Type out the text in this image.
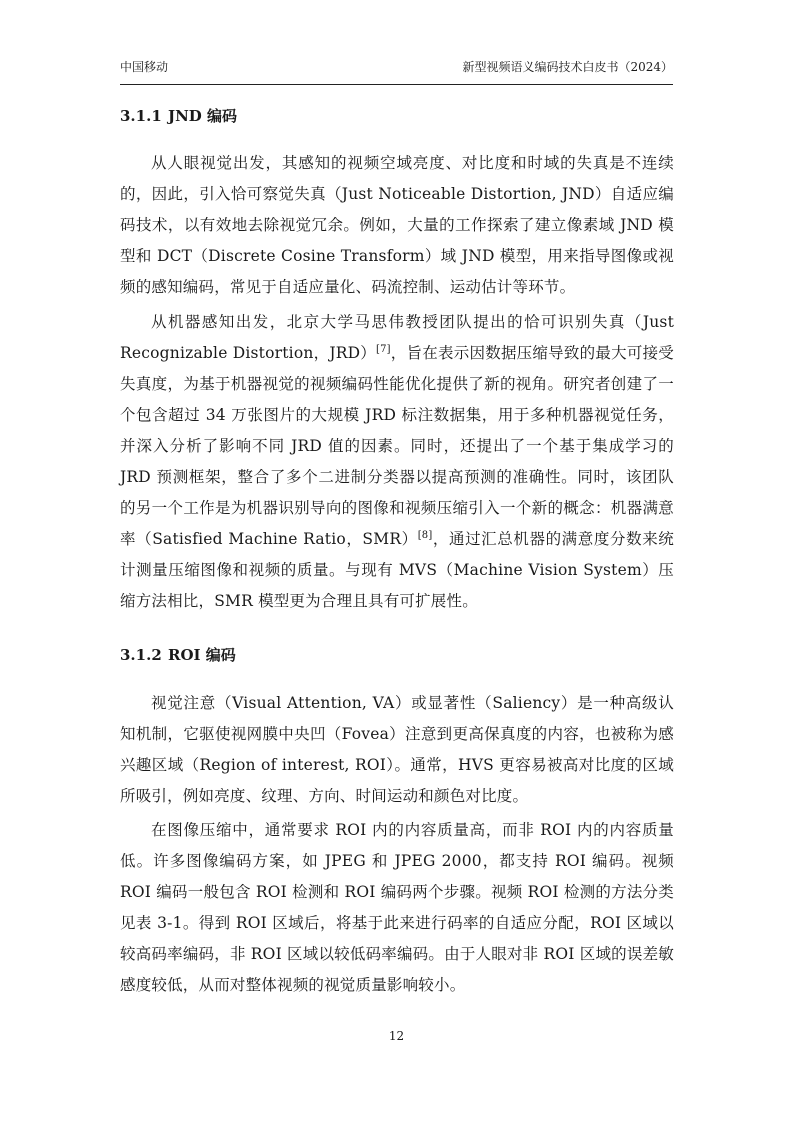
中国移动	新型视频语义编码技术白皮书（2024）
3.1.1 JND 编码

从人眼视觉出发，其感知的视频空域亮度、对比度和时域的失真是不连续的，因此，引入恰可察觉失真（Just Noticeable Distortion, JND）自适应编码技术，以有效地去除视觉冗余。例如，大量的工作探索了建立像素域 JND 模型和 DCT（Discrete Cosine Transform）域 JND 模型，用来指导图像或视频的感知编码，常见于自适应量化、码流控制、运动估计等环节。

从机器感知出发，北京大学马思伟教授团队提出的恰可识别失真（Just Recognizable Distortion，JRD）[7]，旨在表示因数据压缩导致的最大可接受失真度，为基于机器视觉的视频编码性能优化提供了新的视角。研究者创建了一个包含超过 34 万张图片的大规模 JRD 标注数据集，用于多种机器视觉任务，并深入分析了影响不同 JRD 值的因素。同时，还提出了一个基于集成学习的 JRD 预测框架，整合了多个二进制分类器以提高预测的准确性。同时，该团队的另一个工作是为机器识别导向的图像和视频压缩引入一个新的概念：机器满意率（Satisfied Machine Ratio，SMR）[8]，通过汇总机器的满意度分数来统计测量压缩图像和视频的质量。与现有 MVS（Machine Vision System）压缩方法相比，SMR 模型更为合理且具有可扩展性。

3.1.2 ROI 编码

视觉注意（Visual Attention, VA）或显著性（Saliency）是一种高级认知机制，它驱使视网膜中央凹（Fovea）注意到更高保真度的内容，也被称为感兴趣区域（Region of interest, ROI）。通常，HVS 更容易被高对比度的区域所吸引，例如亮度、纹理、方向、时间运动和颜色对比度。

在图像压缩中，通常要求 ROI 内的内容质量高，而非 ROI 内的内容质量低。许多图像编码方案，如 JPEG 和 JPEG 2000，都支持 ROI 编码。视频 ROI 编码一般包含 ROI 检测和 ROI 编码两个步骤。视频 ROI 检测的方法分类见表 3-1。得到 ROI 区域后，将基于此来进行码率的自适应分配，ROI 区域以较高码率编码，非 ROI 区域以较低码率编码。由于人眼对非 ROI 区域的误差敏感度较低，从而对整体视频的视觉质量影响较小。

12
